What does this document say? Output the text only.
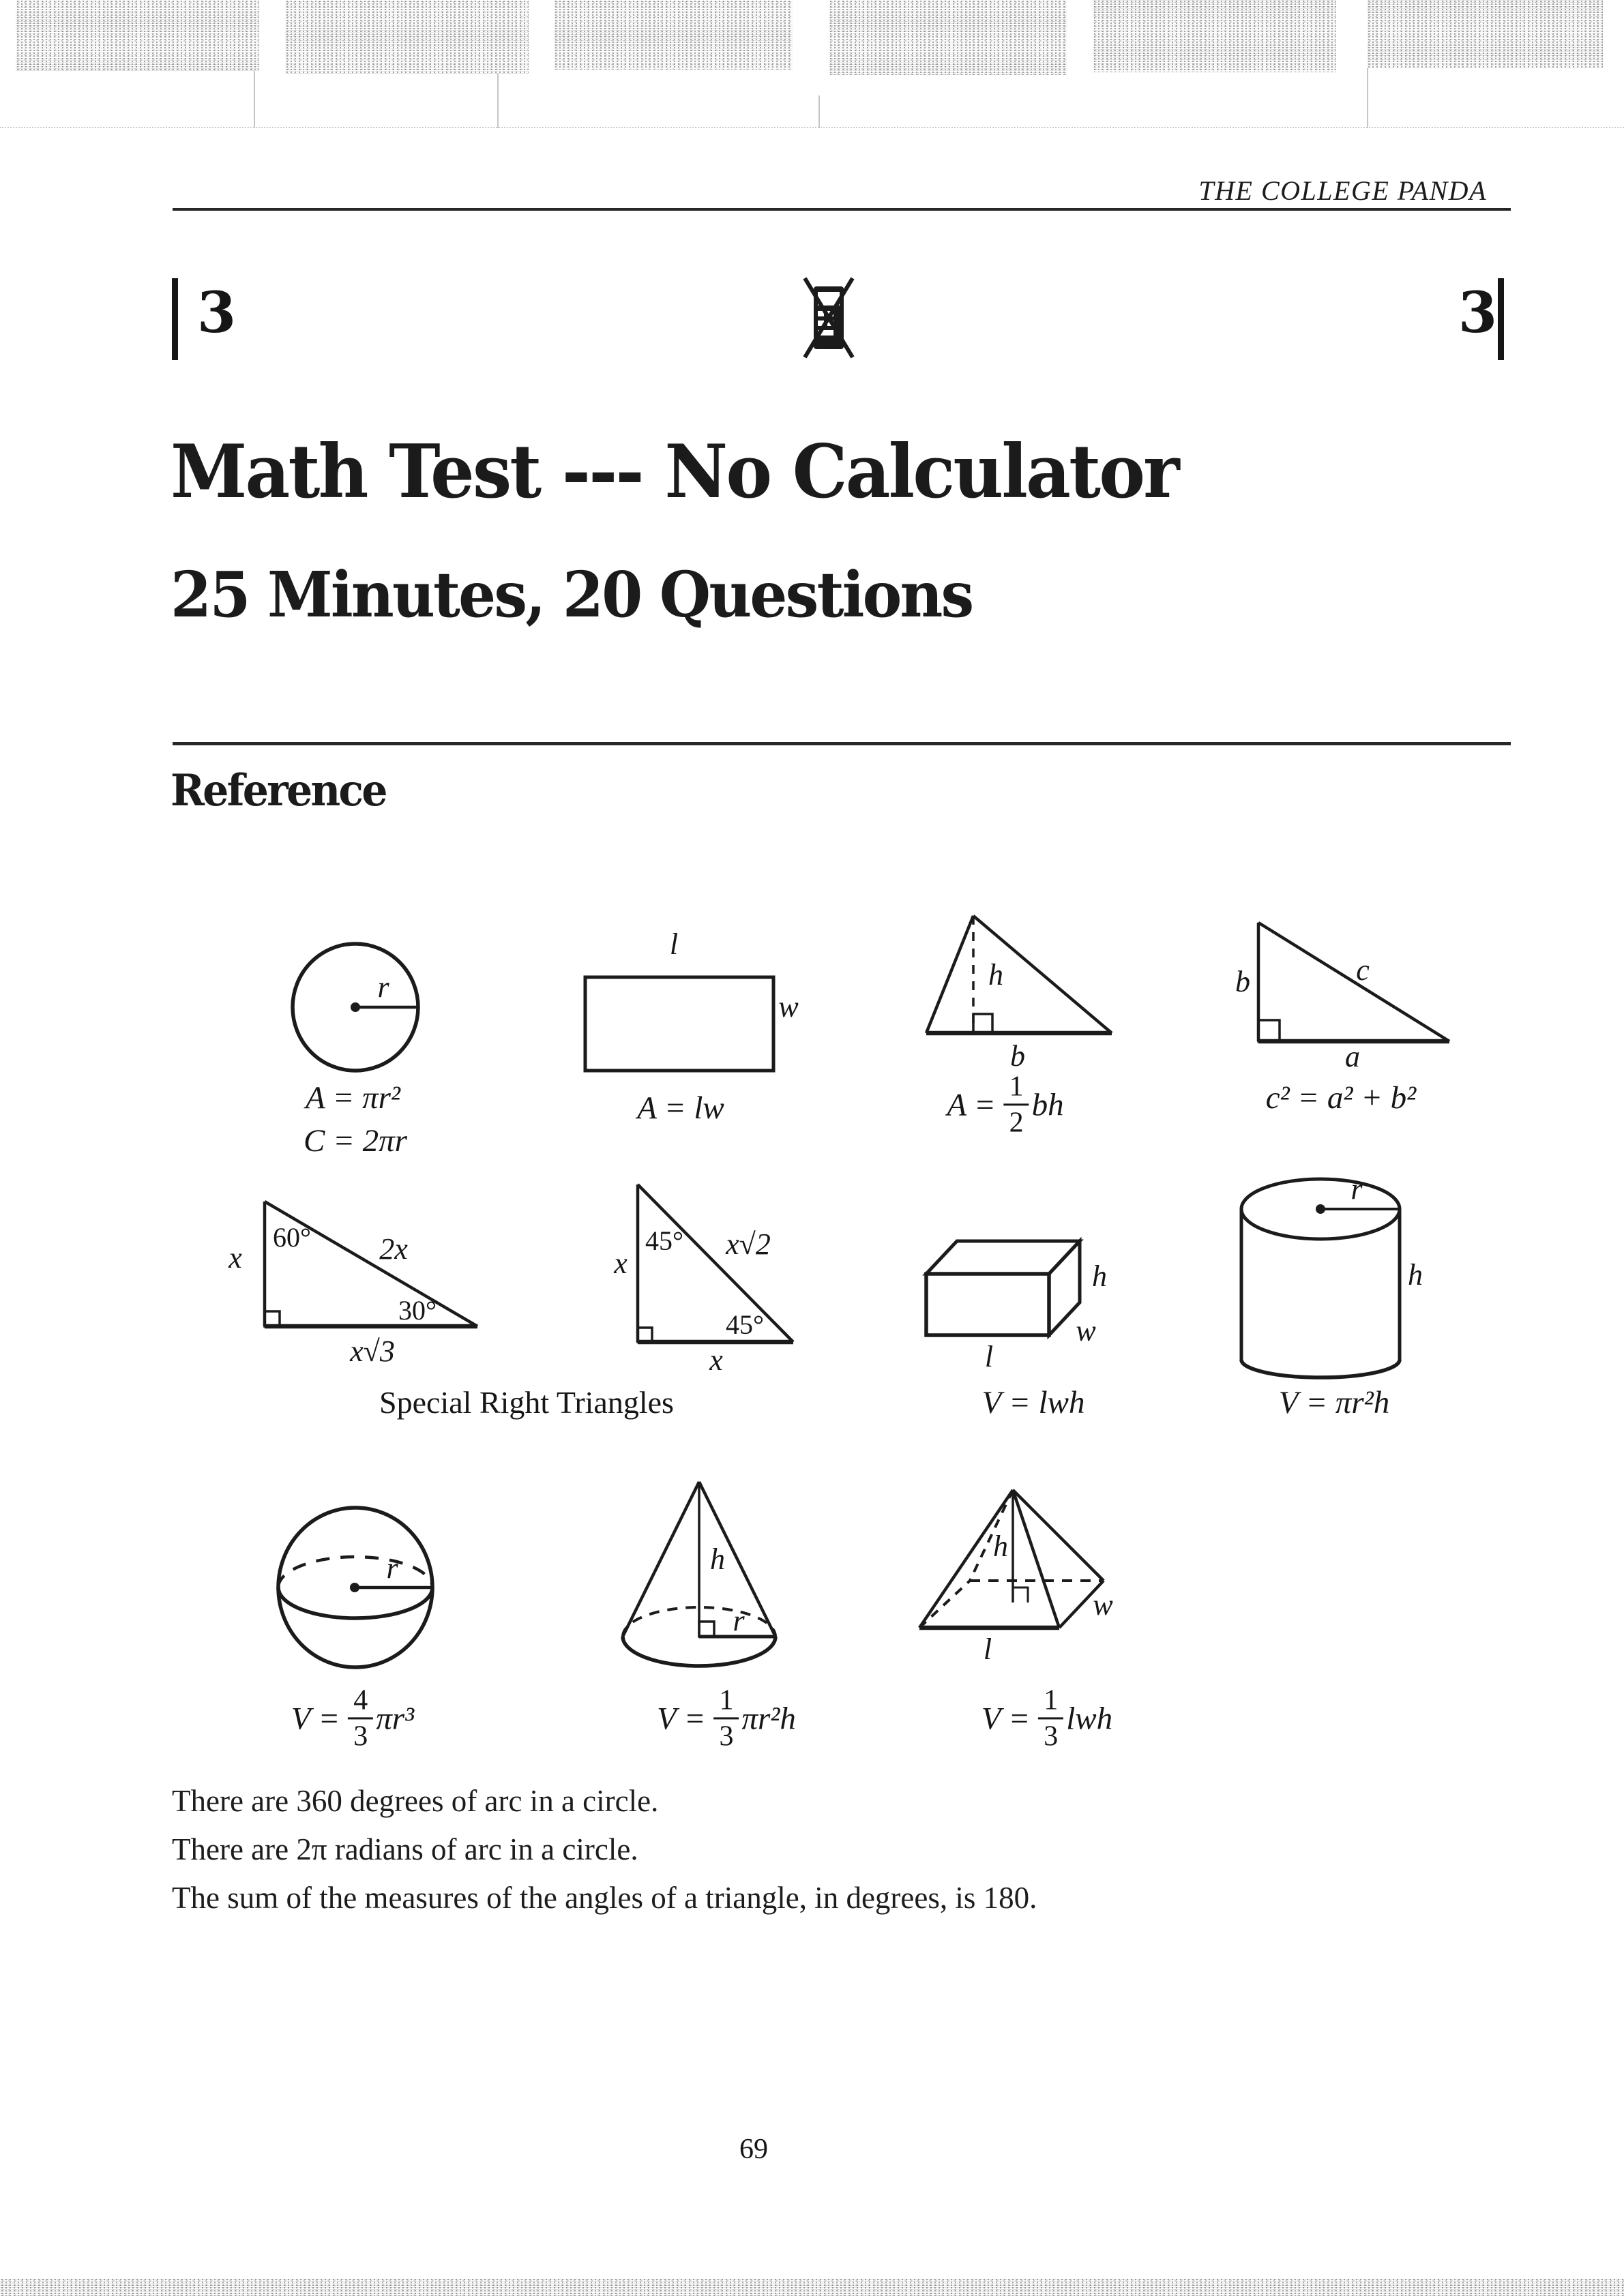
THE COLLEGE PANDA
3	3
Math Test --- No Calculator
25 Minutes, 20 Questions
Reference
r
A = πr²
C = 2πr
l
w
A = lw
h
b
$A = \frac{1}{2}$ bh
b	c
a
c² = a² + b²
60° 2x
30°
x
x√3
45° x√2
45°
x
x
Special Right Triangles
h
w
l
V = lwh
r
h
V = πr²h
r
$V = \frac{4}{3} \pi r^3$
h
r
$V = \frac{1}{3} \pi r^2h$
h
w
l
$V = \frac{1}{3}$ lwh
There are 360 degrees of arc in a circle.
There are 2π radians of arc in a circle.
The sum of the measures of the angles of a triangle, in degrees, is 180.
69
